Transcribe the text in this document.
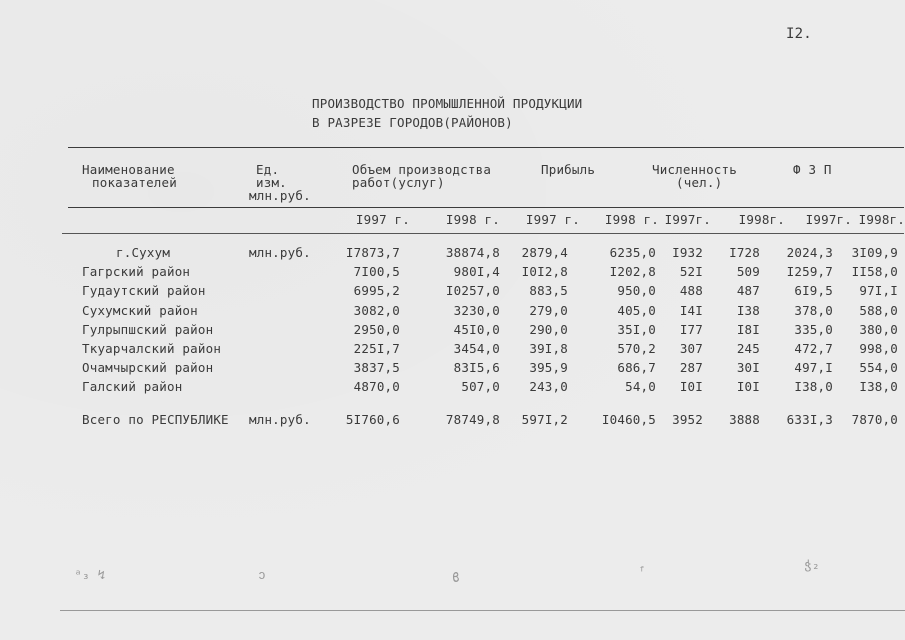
I2.
ПРОИЗВОДСТВО ПРОМЫШЛЕННОЙ ПРОДУКЦИИ
В РАЗРЕЗЕ ГОРОДОВ(РАЙОНОВ)
Наименование
показателей
Ед.
изм.
млн.руб.
Объем производства
работ(услуг)
Прибыль	Численность
(чел.)
Ф З П
I997 г.	I998 г.	I997 г.	I998 г. I997г.	I998г.	I997г. I998г.
г.Сухум	млн.руб.	I7873,7	38874,8	2879,4	6235,0	I932	I728	2024,3	3I09,9
Гагрский район	7I00,5	980I,4	I0I2,8	I202,8	52I	509	I259,7	II58,0
Гудаутский район	6995,2	I0257,0	883,5	950,0	488	487	6I9,5	97I,I
Сухумский район	3082,0	3230,0	279,0	405,0	I4I	I38	378,0	588,0
Гулрыпшский район	2950,0	45I0,0	290,0	35I,0	I77	I8I	335,0	380,0
Ткуарчалский район	225I,7	3454,0	39I,8	570,2	307	245	472,7	998,0
Очамчырский район	3837,5	83I5,6	395,9	686,7	287	30I	497,I	554,0
Галский район	4870,0	507,0	243,0	54,0	I0I	I0I	I38,0	I38,0
Всего по РЕСПУБЛИКЕ млн.руб.	5I760,6	78749,8	597I,2	I0460,5	3952	3888	633I,3	7870,0
ᵃ₃ ↯	ↄ	ϐ	ᶠ	ჭ₂
